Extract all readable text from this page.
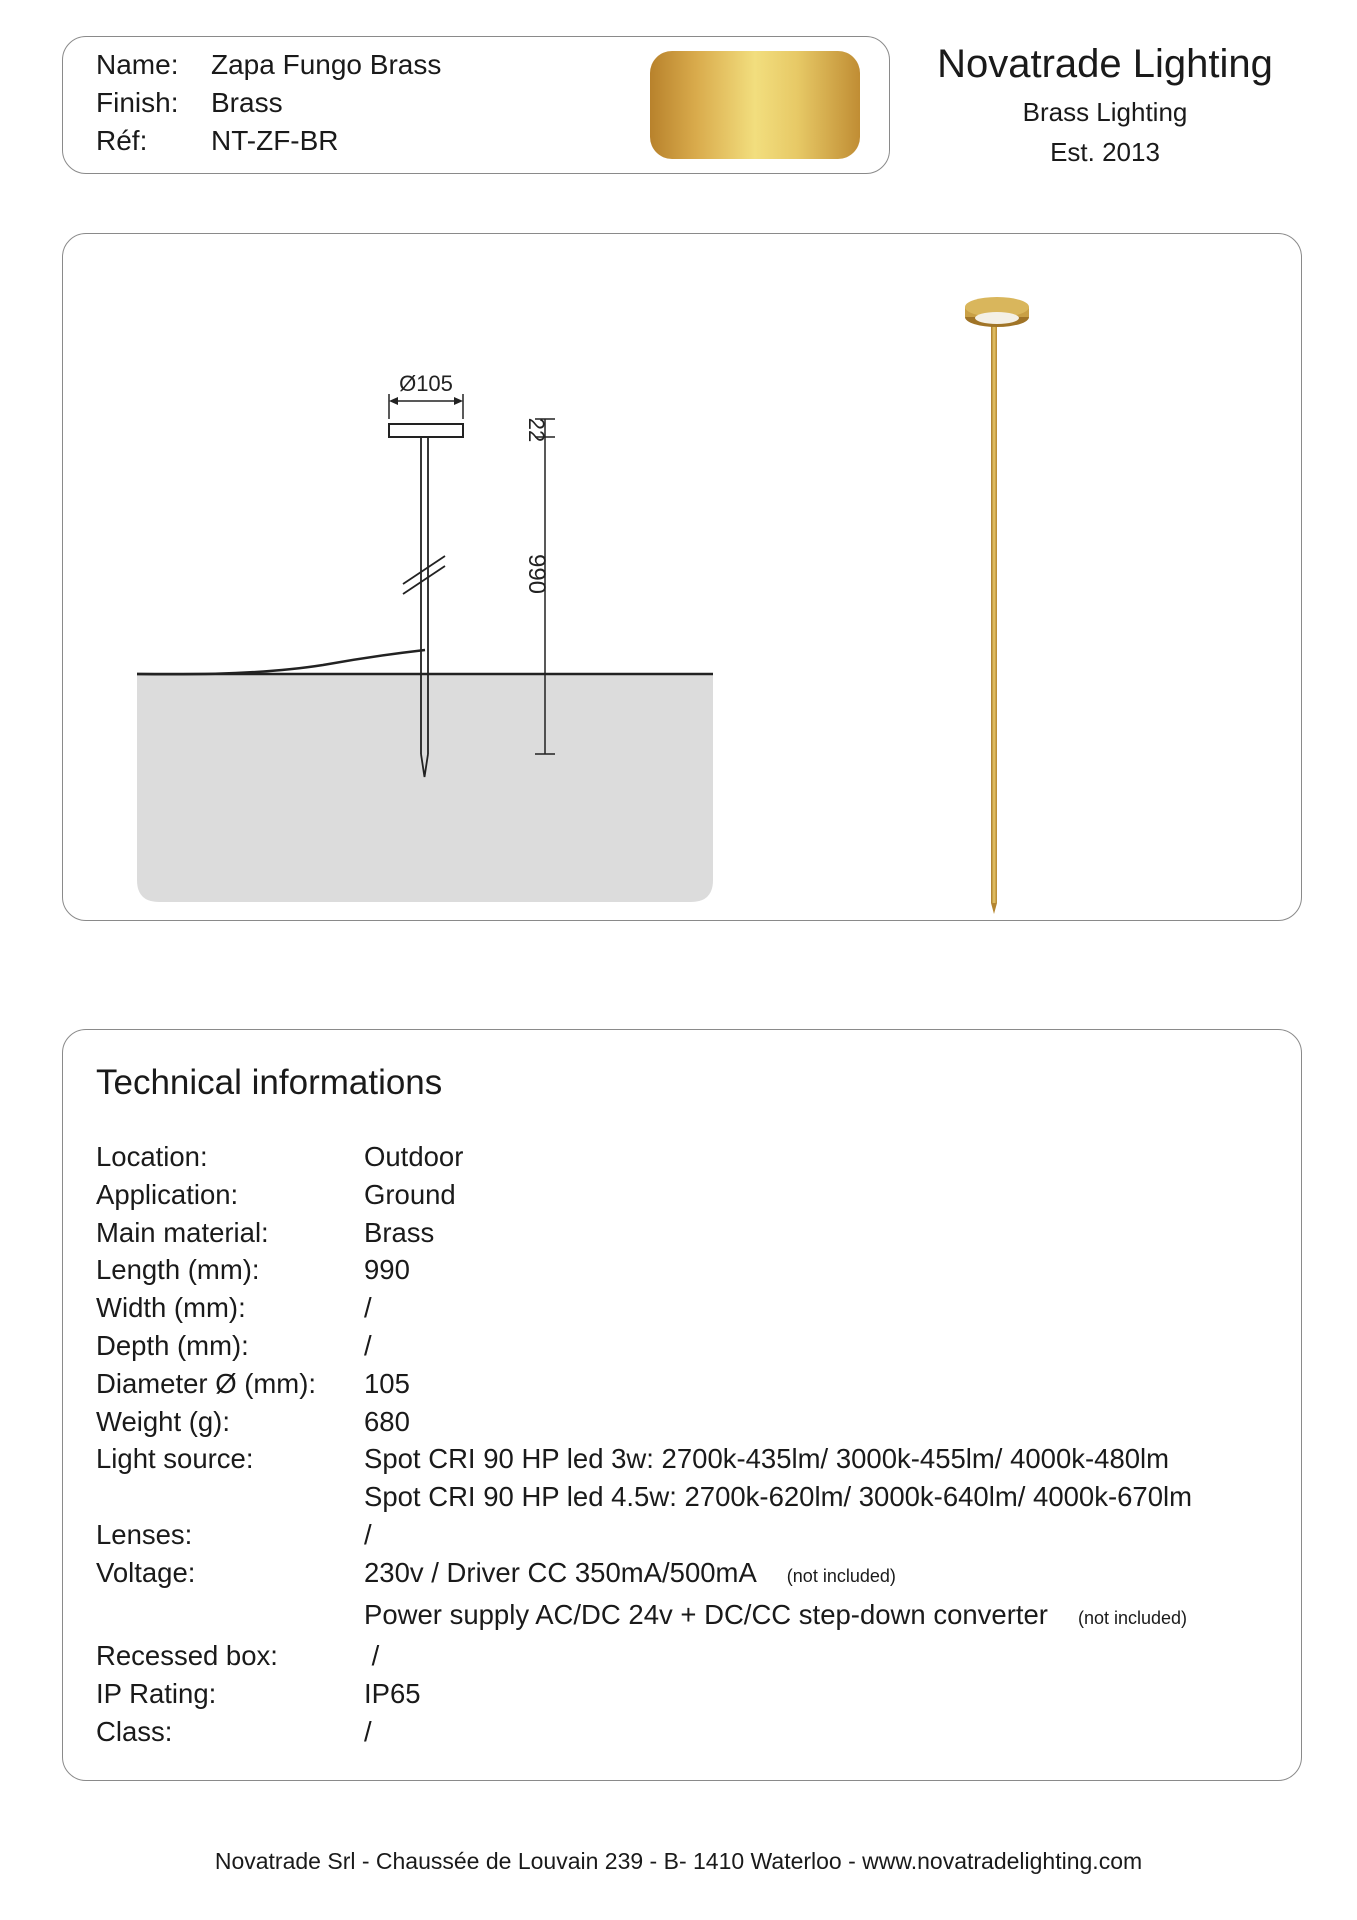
Name: Zapa Fungo Brass
Finish: Brass
Réf: NT-ZF-BR
Novatrade Lighting
Brass Lighting
Est. 2013
Ø105
22
990
Technical informations
Location:	Outdoor
Application:	Ground
Main material:	Brass
Length (mm):	990
Width (mm):	/
Depth (mm):	/
Diameter Ø (mm):	105
Weight (g):	680
Light source:	Spot CRI 90 HP led 3w: 2700k-435lm/ 3000k-455lm/ 4000k-480lm
Spot CRI 90 HP led 4.5w: 2700k-620lm/ 3000k-640lm/ 4000k-670lm
Lenses:	/
Voltage:	230v / Driver CC 350mA/500mA (not included)
Power supply AC/DC 24v + DC/CC step-down converter (not included)
Recessed box:	/
IP Rating:	IP65
Class:	/
Novatrade Srl - Chaussée de Louvain 239 - B- 1410 Waterloo - www.novatradelighting.com
